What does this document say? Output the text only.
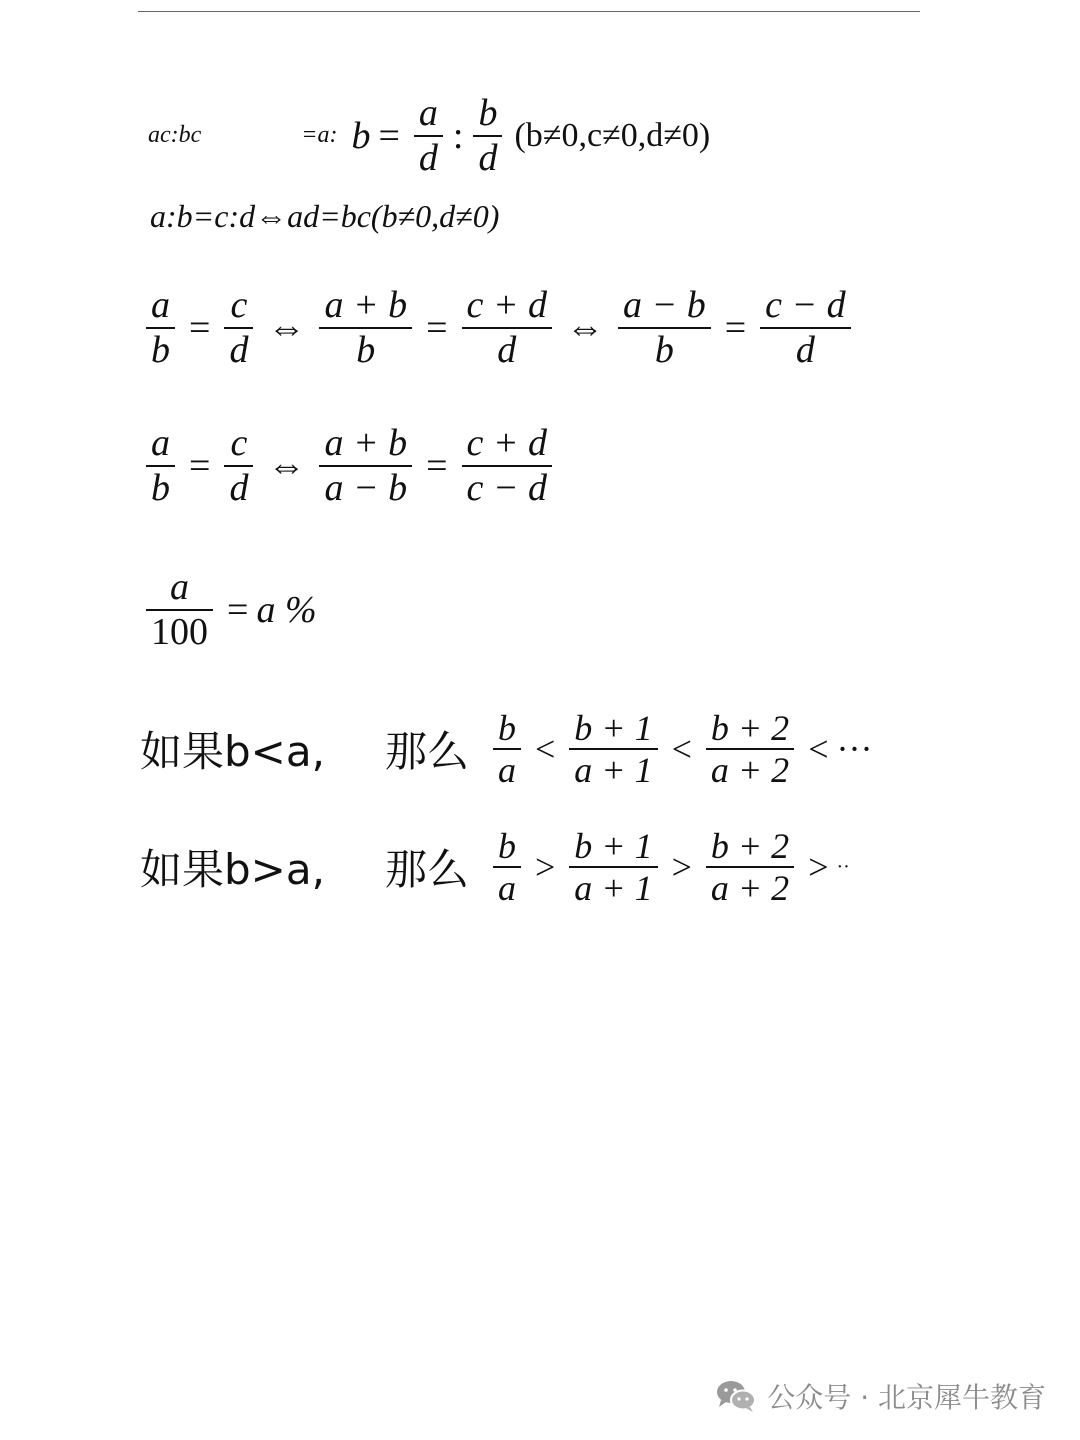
ac:bc	=a: $b = \frac{a}{d}$ : $\frac{b}{d} (b\ne 0,c\ne 0,d\ne 0)$
a:b=c:d⇔ad=bc(b≠0,d≠0)
$\frac{a}{b} = \frac{c}{d}$ ⇔ $\frac{a + b}{b} = \frac{c + d}{d}$ ⇔ $\frac{a - b}{b} = \frac{c - d}{d}$
$\frac{a}{b} = \frac{c}{d}$ ⇔ $\frac{a + b}{a - b} = \frac{c + d}{c - d}$
$\frac{a}{100} = a$ %
如果b<a, 那么 $\frac{b}{a} < \frac{b + 1}{a + 1} < \frac{b + 2}{a + 2}$ < ···
如果b>a, 那么 $\frac{b}{a} > \frac{b + 1}{a + 1} > \frac{b + 2}{a + 2}$ > ··
公众号 · 北京犀牛教育
